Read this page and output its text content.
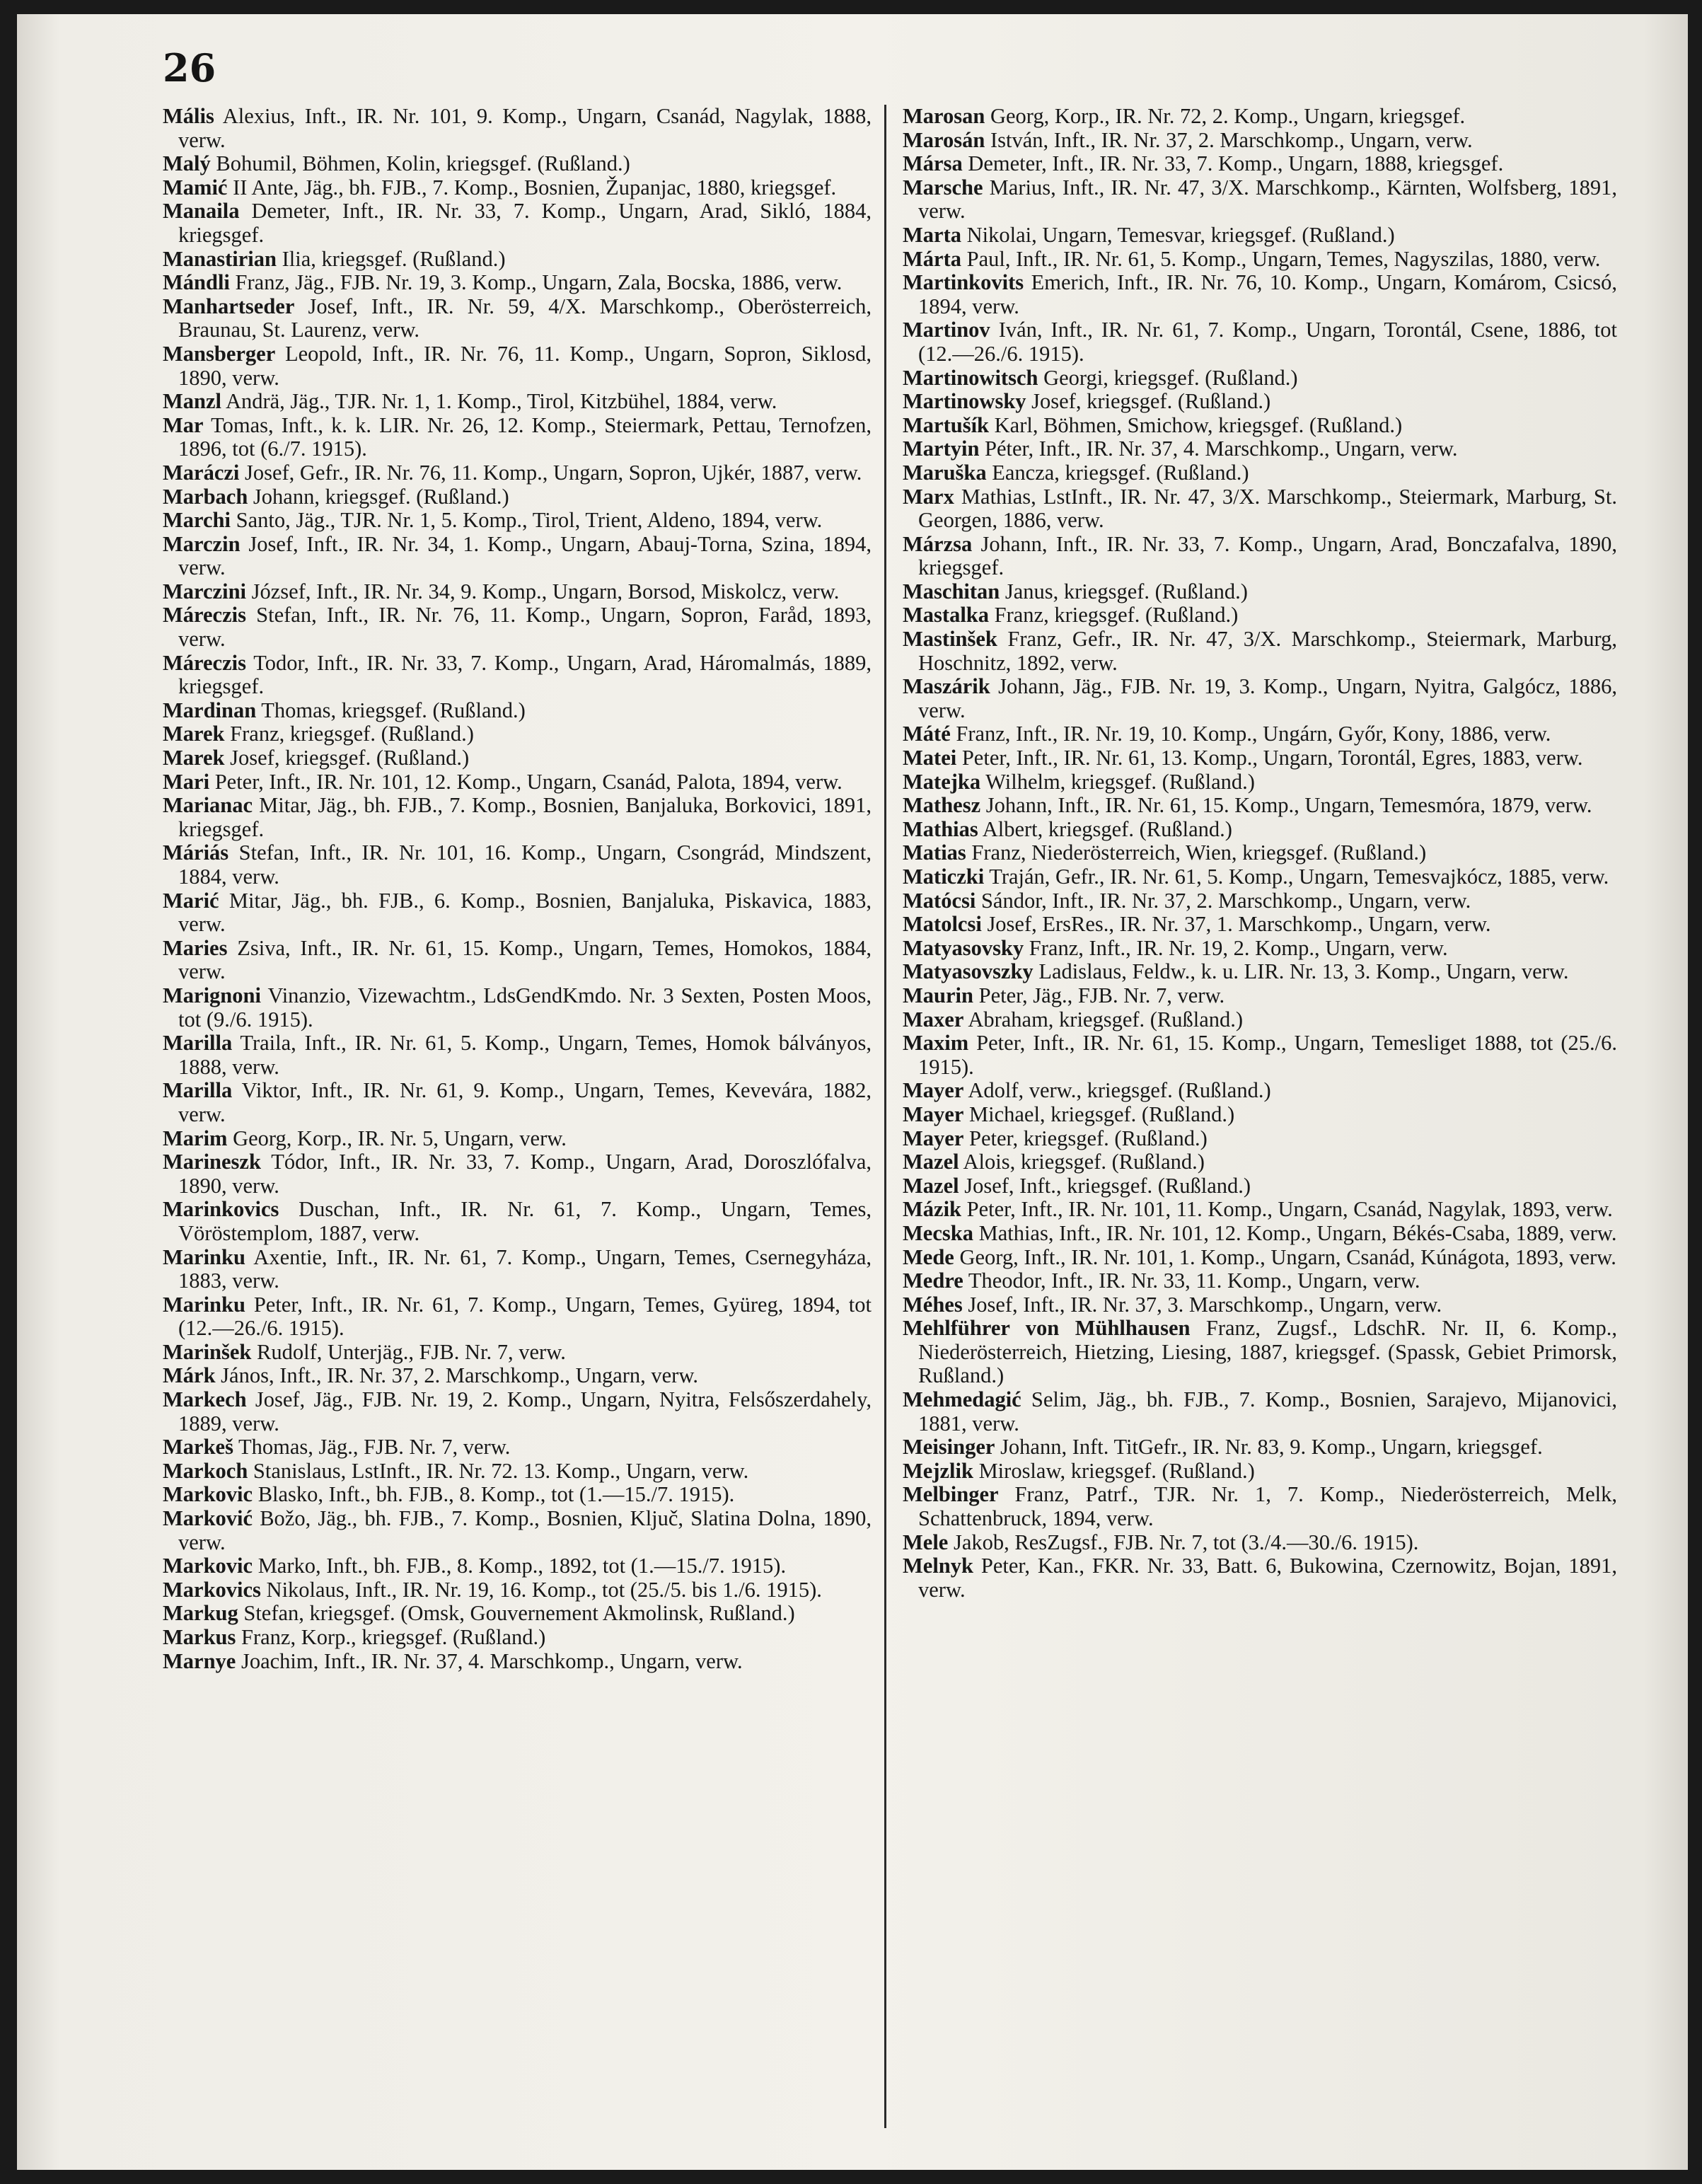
26

Mális Alexius, Inft., IR. Nr. 101, 9. Komp., Ungarn, Csanád, Nagylak, 1888, verw.

Malý Bohumil, Böhmen, Kolin, kriegsgef. (Rußland.)

Mamić II Ante, Jäg., bh. FJB., 7. Komp., Bosnien, Županjac, 1880, kriegsgef.

Manaila Demeter, Inft., IR. Nr. 33, 7. Komp., Ungarn, Arad, Sikló, 1884, kriegsgef.

Manastirian Ilia, kriegsgef. (Rußland.)

Mándli Franz, Jäg., FJB. Nr. 19, 3. Komp., Ungarn, Zala, Bocska, 1886, verw.

Manhartseder Josef, Inft., IR. Nr. 59, 4/X. Marschkomp., Oberösterreich, Braunau, St. Laurenz, verw.

Mansberger Leopold, Inft., IR. Nr. 76, 11. Komp., Ungarn, Sopron, Siklosd, 1890, verw.

Manzl Andrä, Jäg., TJR. Nr. 1, 1. Komp., Tirol, Kitzbühel, 1884, verw.

Mar Tomas, Inft., k. k. LIR. Nr. 26, 12. Komp., Steiermark, Pettau, Ternofzen, 1896, tot (6./7. 1915).

Maráczi Josef, Gefr., IR. Nr. 76, 11. Komp., Ungarn, Sopron, Ujkér, 1887, verw.

Marbach Johann, kriegsgef. (Rußland.)

Marchi Santo, Jäg., TJR. Nr. 1, 5. Komp., Tirol, Trient, Aldeno, 1894, verw.

Marczin Josef, Inft., IR. Nr. 34, 1. Komp., Ungarn, Abauj-Torna, Szina, 1894, verw.

Marczini József, Inft., IR. Nr. 34, 9. Komp., Ungarn, Borsod, Miskolcz, verw.

Máreczis Stefan, Inft., IR. Nr. 76, 11. Komp., Ungarn, Sopron, Faråd, 1893, verw.

Máreczis Todor, Inft., IR. Nr. 33, 7. Komp., Ungarn, Arad, Háromalmás, 1889, kriegsgef.

Mardinan Thomas, kriegsgef. (Rußland.)

Marek Franz, kriegsgef. (Rußland.)

Marek Josef, kriegsgef. (Rußland.)

Mari Peter, Inft., IR. Nr. 101, 12. Komp., Ungarn, Csanád, Palota, 1894, verw.

Marianac Mitar, Jäg., bh. FJB., 7. Komp., Bosnien, Banjaluka, Borkovici, 1891, kriegsgef.

Máriás Stefan, Inft., IR. Nr. 101, 16. Komp., Ungarn, Csongrád, Mindszent, 1884, verw.

Marić Mitar, Jäg., bh. FJB., 6. Komp., Bosnien, Banjaluka, Piskavica, 1883, verw.

Maries Zsiva, Inft., IR. Nr. 61, 15. Komp., Ungarn, Temes, Homokos, 1884, verw.

Marignoni Vinanzio, Vizewachtm., LdsGendKmdo. Nr. 3 Sexten, Posten Moos, tot (9./6. 1915).

Marilla Traila, Inft., IR. Nr. 61, 5. Komp., Ungarn, Temes, Homok bálványos, 1888, verw.

Marilla Viktor, Inft., IR. Nr. 61, 9. Komp., Ungarn, Temes, Kevevára, 1882, verw.

Marim Georg, Korp., IR. Nr. 5, Ungarn, verw.

Marineszk Tódor, Inft., IR. Nr. 33, 7. Komp., Ungarn, Arad, Doroszlófalva, 1890, verw.

Marinkovics Duschan, Inft., IR. Nr. 61, 7. Komp., Ungarn, Temes, Vöröstemplom, 1887, verw.

Marinku Axentie, Inft., IR. Nr. 61, 7. Komp., Ungarn, Temes, Csernegyháza, 1883, verw.

Marinku Peter, Inft., IR. Nr. 61, 7. Komp., Ungarn, Temes, Gyüreg, 1894, tot (12.—26./6. 1915).

Marinšek Rudolf, Unterjäg., FJB. Nr. 7, verw.

Márk János, Inft., IR. Nr. 37, 2. Marschkomp., Ungarn, verw.

Markech Josef, Jäg., FJB. Nr. 19, 2. Komp., Ungarn, Nyitra, Felsőszerdahely, 1889, verw.

Markeš Thomas, Jäg., FJB. Nr. 7, verw.

Markoch Stanislaus, LstInft., IR. Nr. 72. 13. Komp., Ungarn, verw.

Markovic Blasko, Inft., bh. FJB., 8. Komp., tot (1.—15./7. 1915).

Marković Božo, Jäg., bh. FJB., 7. Komp., Bosnien, Ključ, Slatina Dolna, 1890, verw.

Markovic Marko, Inft., bh. FJB., 8. Komp., 1892, tot (1.—15./7. 1915).

Markovics Nikolaus, Inft., IR. Nr. 19, 16. Komp., tot (25./5. bis 1./6. 1915).

Markug Stefan, kriegsgef. (Omsk, Gouvernement Akmolinsk, Rußland.)

Markus Franz, Korp., kriegsgef. (Rußland.)

Marnye Joachim, Inft., IR. Nr. 37, 4. Marschkomp., Ungarn, verw.

Marosan Georg, Korp., IR. Nr. 72, 2. Komp., Ungarn, kriegsgef.

Marosán István, Inft., IR. Nr. 37, 2. Marschkomp., Ungarn, verw.

Mársa Demeter, Inft., IR. Nr. 33, 7. Komp., Ungarn, 1888, kriegsgef.

Marsche Marius, Inft., IR. Nr. 47, 3/X. Marschkomp., Kärnten, Wolfsberg, 1891, verw.

Marta Nikolai, Ungarn, Temesvar, kriegsgef. (Rußland.)

Márta Paul, Inft., IR. Nr. 61, 5. Komp., Ungarn, Temes, Nagyszilas, 1880, verw.

Martinkovits Emerich, Inft., IR. Nr. 76, 10. Komp., Ungarn, Komárom, Csicsó, 1894, verw.

Martinov Iván, Inft., IR. Nr. 61, 7. Komp., Ungarn, Torontál, Csene, 1886, tot (12.—26./6. 1915).

Martinowitsch Georgi, kriegsgef. (Rußland.)

Martinowsky Josef, kriegsgef. (Rußland.)

Martušík Karl, Böhmen, Smichow, kriegsgef. (Rußland.)

Martyin Péter, Inft., IR. Nr. 37, 4. Marschkomp., Ungarn, verw.

Maruška Eancza, kriegsgef. (Rußland.)

Marx Mathias, LstInft., IR. Nr. 47, 3/X. Marschkomp., Steiermark, Marburg, St. Georgen, 1886, verw.

Márzsa Johann, Inft., IR. Nr. 33, 7. Komp., Ungarn, Arad, Bonczafalva, 1890, kriegsgef.

Maschitan Janus, kriegsgef. (Rußland.)

Mastalka Franz, kriegsgef. (Rußland.)

Mastinšek Franz, Gefr., IR. Nr. 47, 3/X. Marschkomp., Steiermark, Marburg, Hoschnitz, 1892, verw.

Maszárik Johann, Jäg., FJB. Nr. 19, 3. Komp., Ungarn, Nyitra, Galgócz, 1886, verw.

Máté Franz, Inft., IR. Nr. 19, 10. Komp., Ungárn, Győr, Kony, 1886, verw.

Matei Peter, Inft., IR. Nr. 61, 13. Komp., Ungarn, Torontál, Egres, 1883, verw.

Matejka Wilhelm, kriegsgef. (Rußland.)

Mathesz Johann, Inft., IR. Nr. 61, 15. Komp., Ungarn, Temesmóra, 1879, verw.

Mathias Albert, kriegsgef. (Rußland.)

Matias Franz, Niederösterreich, Wien, kriegsgef. (Rußland.)

Maticzki Traján, Gefr., IR. Nr. 61, 5. Komp., Ungarn, Temesvajkócz, 1885, verw.

Matócsi Sándor, Inft., IR. Nr. 37, 2. Marschkomp., Ungarn, verw.

Matolcsi Josef, ErsRes., IR. Nr. 37, 1. Marschkomp., Ungarn, verw.

Matyasovsky Franz, Inft., IR. Nr. 19, 2. Komp., Ungarn, verw.

Matyasovszky Ladislaus, Feldw., k. u. LIR. Nr. 13, 3. Komp., Ungarn, verw.

Maurin Peter, Jäg., FJB. Nr. 7, verw.

Maxer Abraham, kriegsgef. (Rußland.)

Maxim Peter, Inft., IR. Nr. 61, 15. Komp., Ungarn, Temesliget 1888, tot (25./6. 1915).

Mayer Adolf, verw., kriegsgef. (Rußland.)

Mayer Michael, kriegsgef. (Rußland.)

Mayer Peter, kriegsgef. (Rußland.)

Mazel Alois, kriegsgef. (Rußland.)

Mazel Josef, Inft., kriegsgef. (Rußland.)

Mázik Peter, Inft., IR. Nr. 101, 11. Komp., Ungarn, Csanád, Nagylak, 1893, verw.

Mecska Mathias, Inft., IR. Nr. 101, 12. Komp., Ungarn, Békés-Csaba, 1889, verw.

Mede Georg, Inft., IR. Nr. 101, 1. Komp., Ungarn, Csanád, Kúnágota, 1893, verw.

Medre Theodor, Inft., IR. Nr. 33, 11. Komp., Ungarn, verw.

Méhes Josef, Inft., IR. Nr. 37, 3. Marschkomp., Ungarn, verw.

Mehlführer von Mühlhausen Franz, Zugsf., LdschR. Nr. II, 6. Komp., Niederösterreich, Hietzing, Liesing, 1887, kriegsgef. (Spassk, Gebiet Primorsk, Rußland.)

Mehmedagić Selim, Jäg., bh. FJB., 7. Komp., Bosnien, Sarajevo, Mijanovici, 1881, verw.

Meisinger Johann, Inft. TitGefr., IR. Nr. 83, 9. Komp., Ungarn, kriegsgef.

Mejzlik Miroslaw, kriegsgef. (Rußland.)

Melbinger Franz, Patrf., TJR. Nr. 1, 7. Komp., Niederösterreich, Melk, Schattenbruck, 1894, verw.

Mele Jakob, ResZugsf., FJB. Nr. 7, tot (3./4.—30./6. 1915).

Melnyk Peter, Kan., FKR. Nr. 33, Batt. 6, Bukowina, Czernowitz, Bojan, 1891, verw.
